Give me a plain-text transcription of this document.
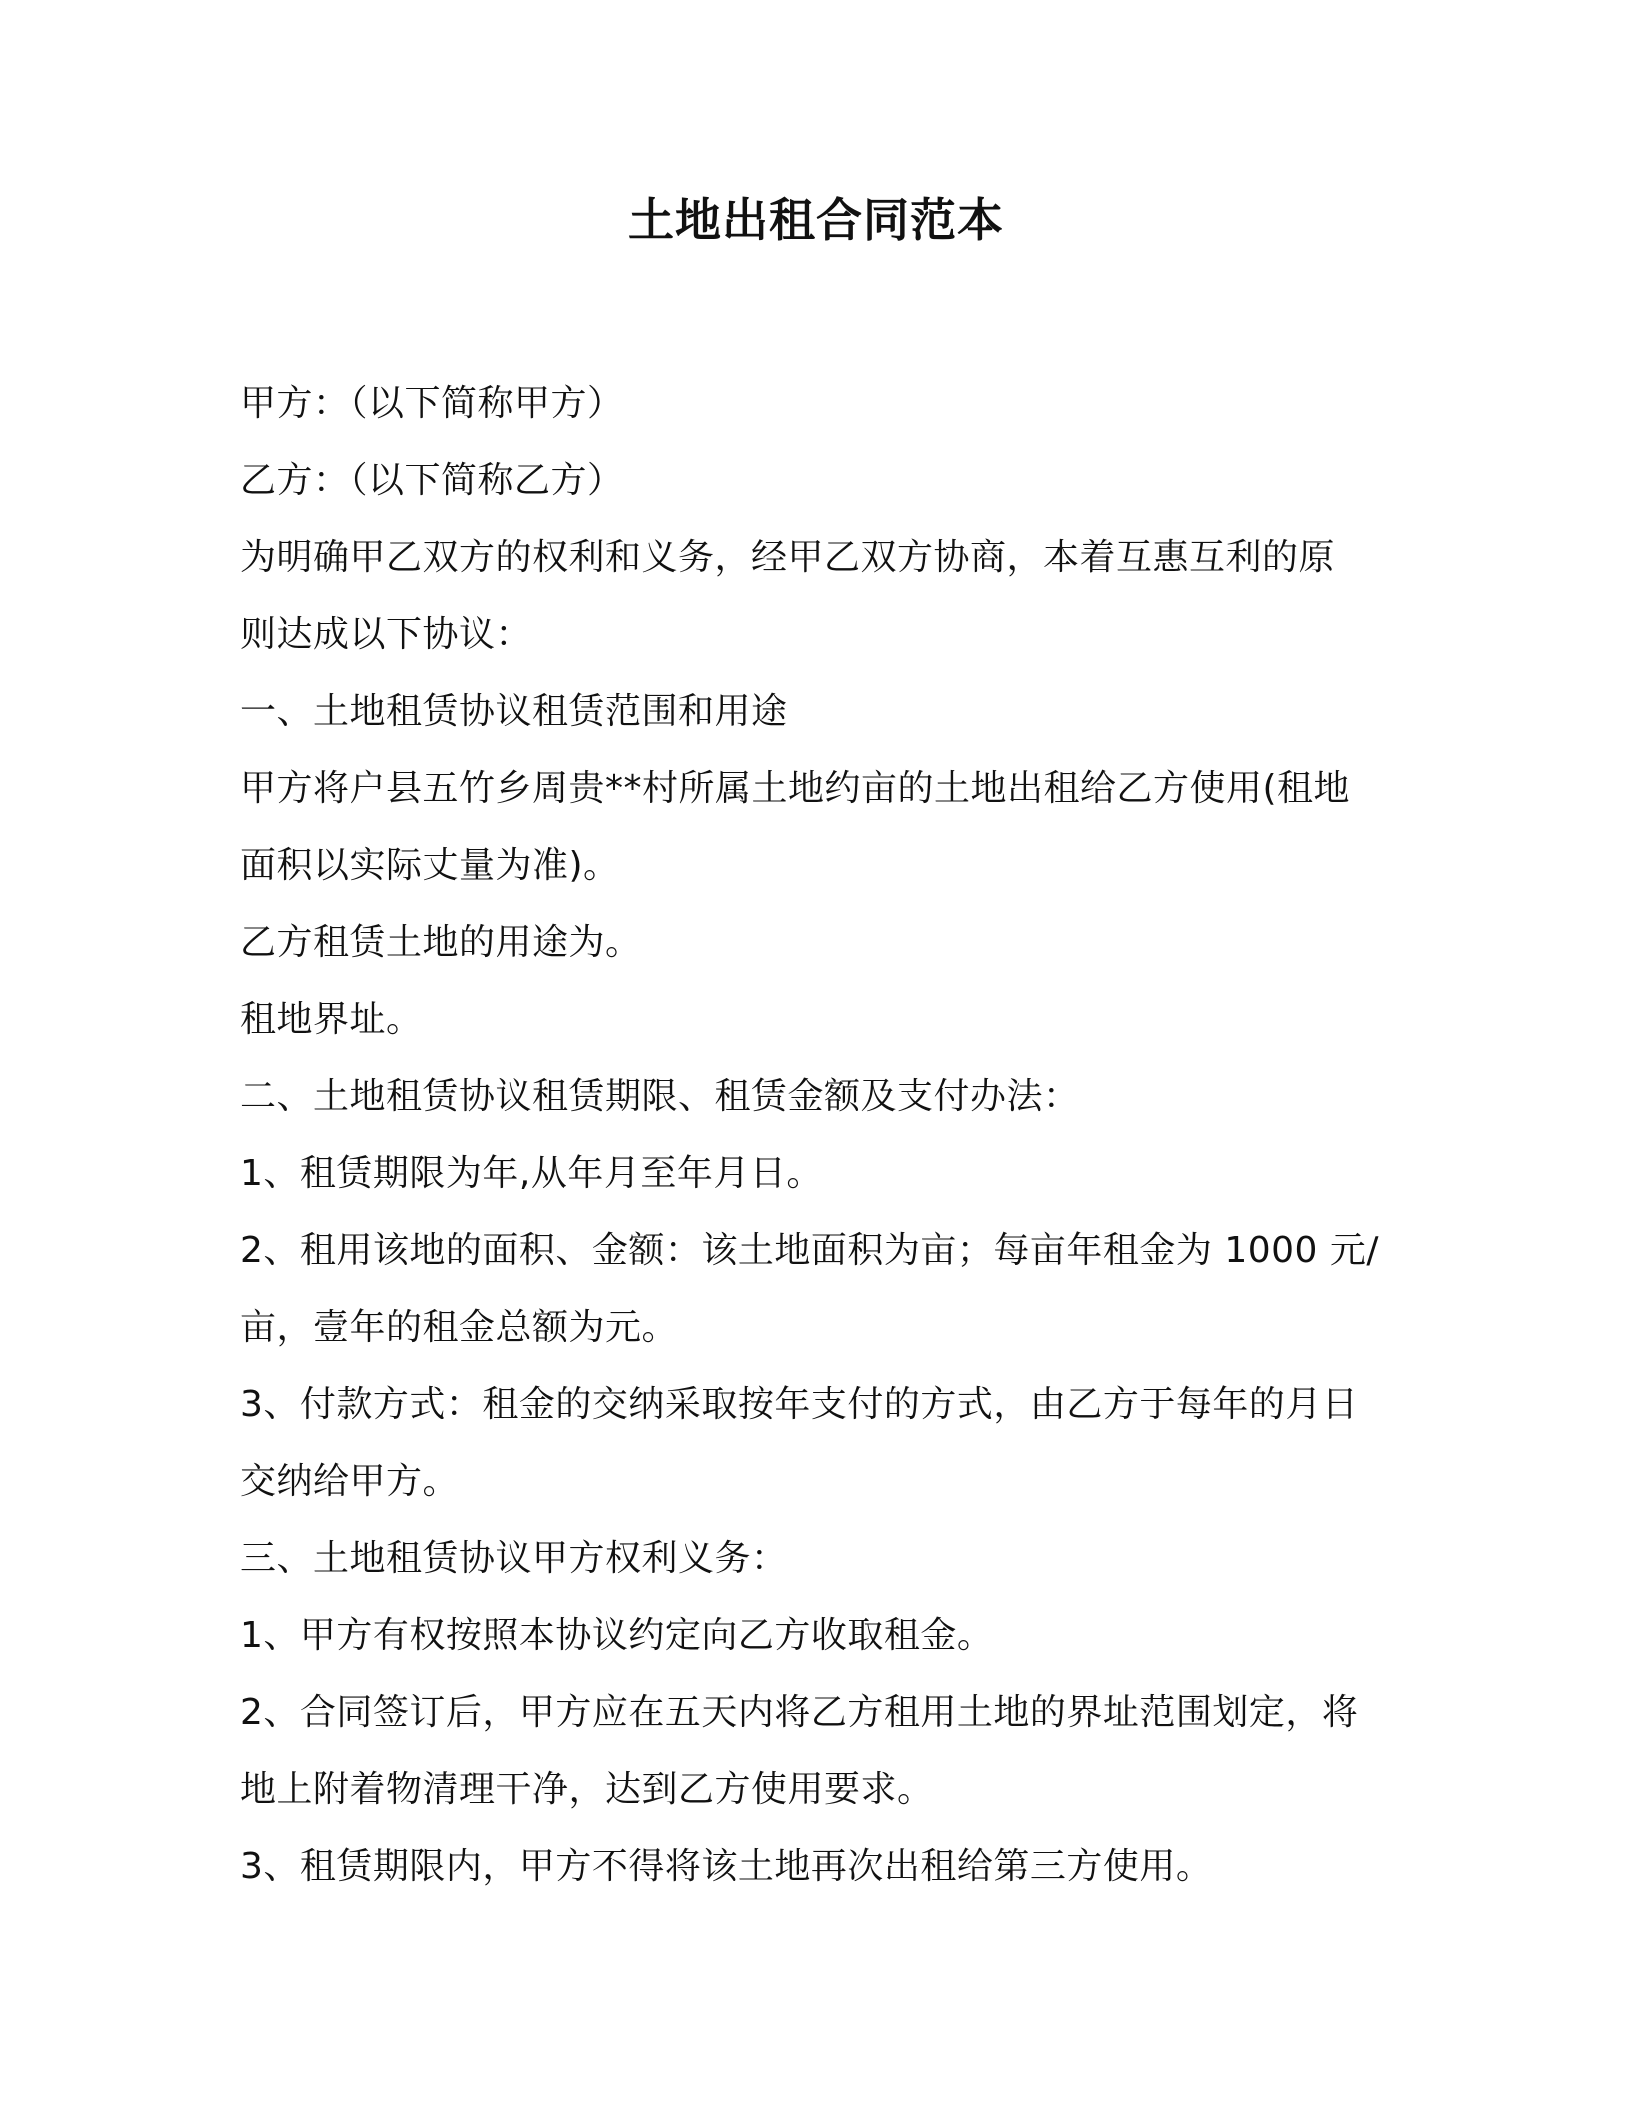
土地出租合同范本
甲方：（以下简称甲方）
乙方：（以下简称乙方）
为明确甲乙双方的权利和义务，经甲乙双方协商，本着互惠互利的原
则达成以下协议：
一、土地租赁协议租赁范围和用途
甲方将户县五竹乡周贵**村所属土地约亩的土地出租给乙方使用(租地
面积以实际丈量为准)。
乙方租赁土地的用途为。
租地界址。
二、土地租赁协议租赁期限、租赁金额及支付办法：
1、租赁期限为年,从年月至年月日。
2、租用该地的面积、金额：该土地面积为亩；每亩年租金为 1000 元/
亩，壹年的租金总额为元。
3、付款方式：租金的交纳采取按年支付的方式，由乙方于每年的月日
交纳给甲方。
三、土地租赁协议甲方权利义务：
1、甲方有权按照本协议约定向乙方收取租金。
2、合同签订后，甲方应在五天内将乙方租用土地的界址范围划定，将
地上附着物清理干净，达到乙方使用要求。
3、租赁期限内，甲方不得将该土地再次出租给第三方使用。
